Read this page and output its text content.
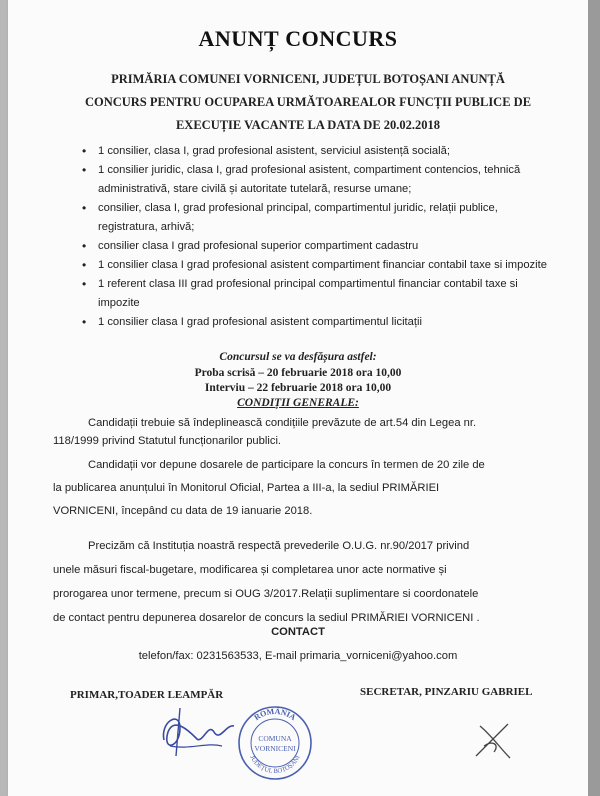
ANUNȚ CONCURS
PRIMĂRIA COMUNEI VORNICENI, JUDEȚUL BOTOȘANI ANUNȚĂ
CONCURS PENTRU OCUPAREA URMĂTOAREALOR FUNCȚII PUBLICE DE
EXECUȚIE VACANTE LA DATA DE 20.02.2018
• 1 consilier, clasa I, grad profesional asistent, serviciul asistență socială;
• 1 consilier juridic, clasa I, grad profesional asistent, compartiment contencios, tehnică administrativă, stare civilă și autoritate tutelară, resurse umane;
• consilier, clasa I, grad profesional principal, compartimentul juridic, relații publice, registratura, arhivă;
• consilier clasa I grad profesional superior compartiment cadastru
• 1 consilier clasa I grad profesional asistent compartiment financiar contabil taxe si impozite
• 1 referent clasa III grad profesional principal compartimentul financiar contabil taxe si impozite
• 1 consilier clasa I grad profesional asistent compartimentul licitații
Concursul se va desfășura astfel:
Proba scrisă – 20 februarie 2018 ora 10,00
Interviu – 22 februarie 2018 ora 10,00
CONDIȚII GENERALE:
Candidații trebuie să îndeplinească condițiile prevăzute de art.54 din Legea nr.
118/1999 privind Statutul funcționarilor publici.
Candidații vor depune dosarele de participare la concurs în termen de 20 zile de
la publicarea anunțului în Monitorul Oficial, Partea a III-a, la sediul PRIMĂRIEI
VORNICENI, începând cu data de 19 ianuarie 2018.
Precizăm că Instituția noastră respectă prevederile O.U.G. nr.90/2017 privind
unele măsuri fiscal-bugetare, modificarea și completarea unor acte normative și
prorogarea unor termene, precum si OUG 3/2017.Relații suplimentare si coordonatele
de contact pentru depunerea dosarelor de concurs la sediul PRIMĂRIEI VORNICENI .
CONTACT
telefon/fax: 0231563533, E-mail primaria_vorniceni@yahoo.com
PRIMAR,TOADER LEAMPĂR	SECRETAR, PINZARIU GABRIEL
ROMÂNIA
COMUNA
VORNICENI
JUDEȚUL BOTOȘANI
